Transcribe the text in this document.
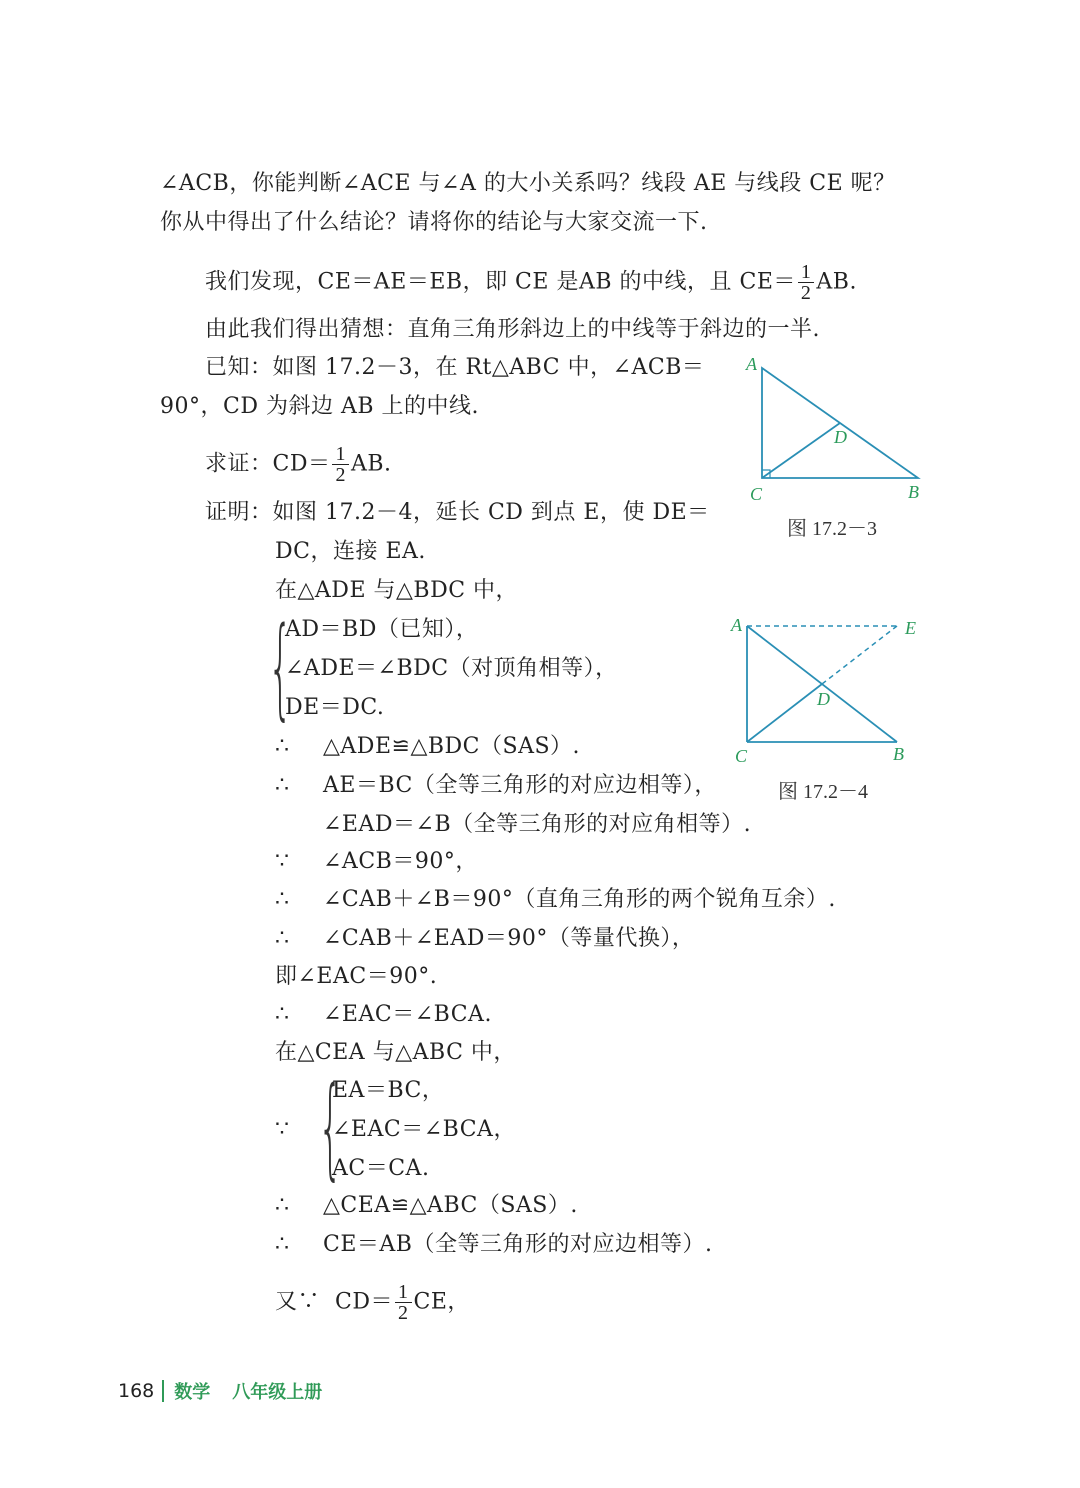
∠ACB，你能判断∠ACE 与∠A 的大小关系吗？线段 AE 与线段 CE 呢？
你从中得出了什么结论？请将你的结论与大家交流一下.
我们发现，CE＝AE＝EB，即 CE 是AB 的中线，且 $CE= \frac{1}{2}$ AB.
由此我们得出猜想：直角三角形斜边上的中线等于斜边的一半.
已知：如图 17.2－3，在 Rt△ABC 中，∠ACB＝
90°，CD 为斜边 AB 上的中线.
求证：$CD= \frac{1}{2}$ AB.
证明：如图 17.2－4，延长 CD 到点 E，使 DE＝
DC，连接 EA.
在△ADE 与△BDC 中，
{
AD＝BD（已知），
∠ADE＝∠BDC（对顶角相等），
DE＝DC.
∴ △ADE≌△BDC（SAS）.
∴ AE＝BC（全等三角形的对应边相等），
∠EAD＝∠B（全等三角形的对应角相等）.
∵ ∠ACB＝90°，
∴ ∠CAB＋∠B＝90°（直角三角形的两个锐角互余）.
∴ ∠CAB＋∠EAD＝90°（等量代换），
即∠EAC＝90°.
∴ ∠EAC＝∠BCA.
在△CEA 与△ABC 中，
∵ {
EA＝BC，
∠EAC＝∠BCA，
AC＝CA.
∴ △CEA≌△ABC（SAS）.
∴ CE＝AB（全等三角形的对应边相等）.
又∵ $CD= \frac{1}{2}$ CE，
A
C	B
D
图 17.2－3
A	E
D
C	B
图 17.2－4
168 数学 八年级上册
